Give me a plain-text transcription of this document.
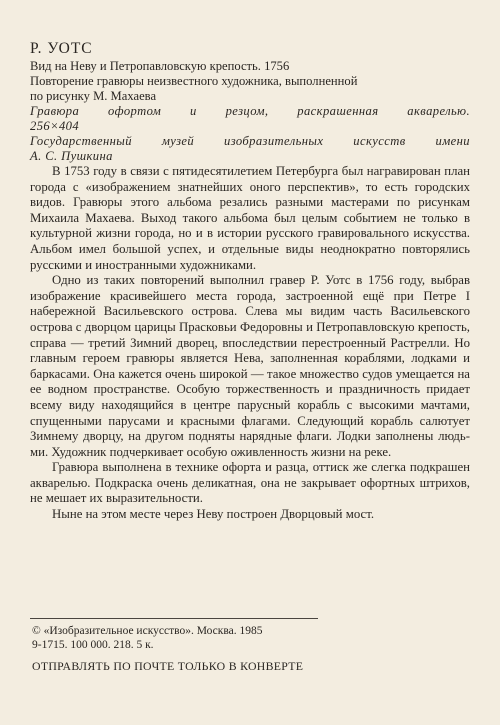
Р. УОТС

Вид на Неву и Петропавловскую крепость. 1756

Повторение гравюры неизвестного художника, выполненной

по рисунку М. Махаева

Гравюра офортом и резцом, раскрашенная акварелью.

256×404

Государственный музей изобразительных искусств имени

А. С. Пушкина

В 1753 году в связи с пятидесятилетием Петербурга был награвирован план города с «изображением знатнейших оного перспектив», то есть городских видов. Гравюры этого альбома резались разными мастерами по рисункам Михаила Махаева. Выход такого альбома был целым событием не только в культурной жизни города, но и в истории русского гравировального искусства. Альбом имел большой успех, и отдельные виды неоднократно повторялись русскими и иностранными художниками.

Одно из таких повторений выполнил гравер Р. Уотс в 1756 году, выбрав изображение красивейшего места города, застроенной ещё при Петре I набережной Васильевского острова. Слева мы видим часть Васильевского острова с дворцом царицы Прасковьи Федоровны и Петропавловскую крепость, справа — третий Зимний дворец, впоследствии перестроенный Растрелли. Но главным героем гравюры является Нева, заполненная кораблями, лодками и баркасами. Она кажется очень широкой — такое множество судов умещается на ее водном пространстве. Особую торжественность и праздничность придает всему виду находящийся в центре парусный корабль с высокими мачтами, спущенными парусами и красными флагами. Следующий корабль салютует Зимнему дворцу, на другом подняты нарядные флаги. Лодки заполнены людьми. Художник подчеркивает особую оживленность жизни на реке.

Гравюра выполнена в технике офорта и разца, оттиск же слегка подкрашен акварелью. Подкраска очень деликатная, она не закрывает офортных штрихов, не мешает их выразительности.

Ныне на этом месте через Неву построен Дворцовый мост.

© «Изобразительное искусство». Москва. 1985

9-1715. 100 000. 218. 5 к.

ОТПРАВЛЯТЬ ПО ПОЧТЕ ТОЛЬКО В КОНВЕРТЕ
